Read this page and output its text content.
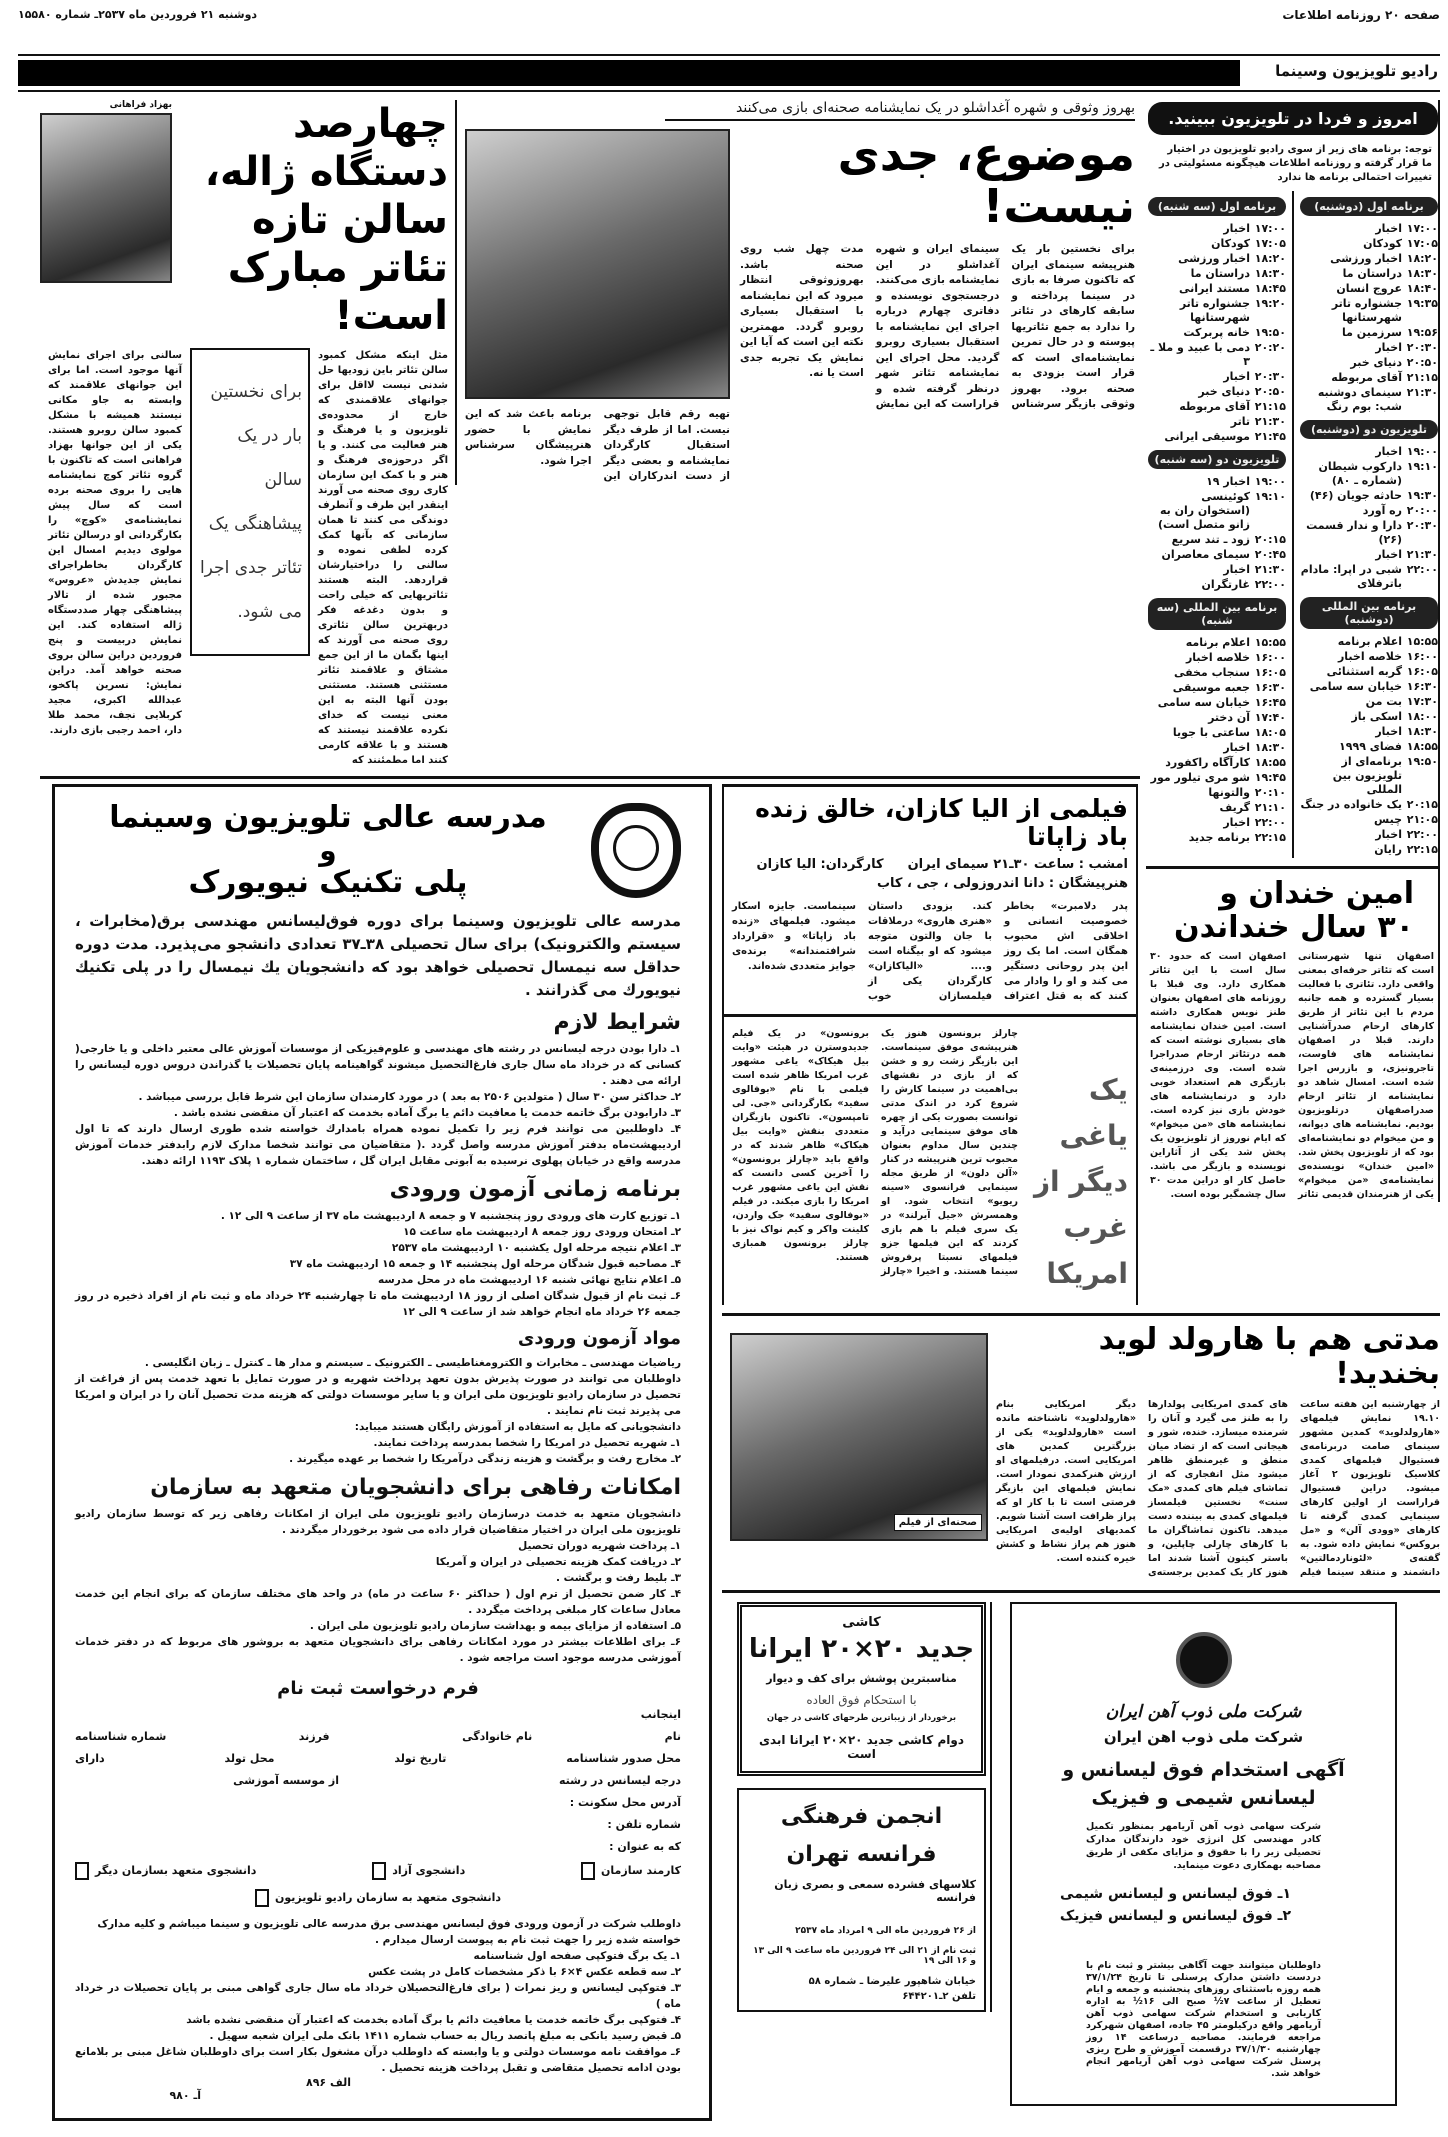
صفحه ۲۰ روزنامه اطلاعات
دوشنبه ۲۱ فروردین ماه ۲۵۳۷ـ شماره ۱۵۵۸۰
رادیو تلویزیون وسینما
امروز و فردا در تلویزیون ببینید.
توجه: برنامه های زیر از سوی رادیو تلویزیون در اختیار ما قرار گرفته و روزنامه اطلاعات هیچگونه مسئولیتی در تغییرات احتمالی برنامه ها ندارد
برنامه اول (دوشنبه)
۱۷:۰۰
اخبار
۱۷:۰۵
کودکان
۱۸:۲۰
اخبار ورزشی
۱۸:۳۰
دراستان ما
۱۸:۴۰
عروج انسان
۱۹:۳۵
جشنواره تاتر شهرستانها
۱۹:۵۶
سرزمین ما
۲۰:۳۰
اخبار
۲۰:۵۰
دنیای خبر
۲۱:۱۵
آقای مربوطه
۲۱:۳۰
سینمای دوشنبه شب: بوم رنگ
تلویزیون دو (دوشنبه)
۱۹:۰۰
اخبار
۱۹:۱۰
دارکوب شیطان (شماره ـ ۸۰)
۱۹:۳۰
حادثه جویان (۴۶)
۲۰:۰۰
ره آورد
۲۰:۳۰
دارا و ندار قسمت (۲۶)
۲۱:۳۰
اخبار
۲۲:۰۰
شبی در اپرا: مادام باترفلای
برنامه بین المللی (دوشنبه)
۱۵:۵۵
اعلام برنامه
۱۶:۰۰
خلاصه اخبار
۱۶:۰۵
گربه استثنائی
۱۶:۳۰
خیابان سه سامی
۱۷:۳۰
بت من
۱۸:۰۰
اسکی باز
۱۸:۳۰
اخبار
۱۸:۵۵
فضای ۱۹۹۹
۱۹:۵۰
برنامه‌ای از تلویزیون بین المللی
۲۰:۱۵
یک خانواده در جنگ
۲۱:۰۵
چیس
۲۲:۰۰
اخبار
۲۲:۱۵
رایان
برنامه اول (سه شنبه)
۱۷:۰۰
اخبار
۱۷:۰۵
کودکان
۱۸:۲۰
اخبار ورزشی
۱۸:۳۰
دراستان ما
۱۸:۴۵
مستند ایرانی
۱۹:۲۰
جشنواره تاتر شهرستانها
۱۹:۵۰
خانه پربرکت
۲۰:۲۰
دمی با عبید و ملا ـ ۳
۲۰:۳۰
اخبار
۲۰:۵۰
دنیای خبر
۲۱:۱۵
آقای مربوطه
۲۱:۳۰
تاتر
۲۱:۴۵
موسیقی ایرانی
تلویزیون دو (سه شنبه)
۱۹:۰۰
اخبار ۱۹
۱۹:۱۰
کوئینسی (استخوان ران به زانو متصل است)
۲۰:۱۵
زود ـ تند سریع
۲۰:۴۵
سیمای معاصران
۲۱:۳۰
اخبار
۲۲:۰۰
غارتگران
برنامه بین المللی (سه شنبه)
۱۵:۵۵
اعلام برنامه
۱۶:۰۰
خلاصه اخبار
۱۶:۰۵
سنجاب مخفی
۱۶:۳۰
جعبه موسیقی
۱۶:۴۵
خیابان سه سامی
۱۷:۴۰
آن دختر
۱۸:۰۵
ساعتی با جویا
۱۸:۳۰
اخبار
۱۸:۵۵
کارآگاه راکفورد
۱۹:۴۵
شو مری تیلور مور
۲۰:۱۰
والتونها
۲۱:۱۰
گریف
۲۲:۰۰
اخبار
۲۲:۱۵
برنامه جدید
امین خندان و
۳۰ سال خنداندن
اصفهان تنها شهرستانی است که تئاتر حرفه‌ای بمعنی واقعی دارد. تئاتری با فعالیت بسیار گسترده و همه جانبه مردم با این تئاتر از طریق کارهای ارحام صدرآشنایی دارند. قبلا در اصفهان نمایشنامه های فاوست، تاجرونیزی، و بازرس اجرا شده است. امسال شاهد دو نمایشنامه از تئاتر ارحام صدراصفهان درتلویزیون بودیم. نمایشنامه های دیوانه، و من میخوام دو نمایشنامه‌ای بود که از تلویزیون پخش شد. «امین خندان» نویسنده‌ی نمایشنامه‌ی «من میخوام» یکی از هنرمندان قدیمی تئاتر اصفهان است که حدود ۳۰ سال است با این تئاتر همکاری دارد. وی قبلا با روزنامه های اصفهان بعنوان طنز نویس همکاری داشته است. امین خندان نمایشنامه های بسیاری نوشته است که همه درتئاتر ارحام صدراجرا شده است. وی درزمینه‌ی بازیگری هم استعداد خوبی دارد و درنمایشنامه های خودش بازی نیز کرده است. نمایشنامه های «من میخوام» که ایام نوروز از تلویزیون یک پخش شد یکی از آثاراین نویسنده و بازیگر می باشد. حاصل کار او دراین مدت ۳۰ سال چشمگیر بوده است.
بهروز وثوقی و شهره آغداشلو در یک نمایشنامه صحنه‌ای بازی می‌کنند
موضوع، جدی نیست!
برای نخستین بار یک هنرپیشه سینمای ایران که تاکنون صرفا به بازی در سینما پرداخته و سابقه کارهای در تئاتر را ندارد به جمع تئاتریها پیوسته و در حال تمرین نمایشنامه‌ای است که قرار است بزودی به صحنه برود. بهروز وثوقی بازیگر سرشناس سینمای ایران و شهره آغداشلو در این نمایشنامه بازی می‌کنند. درجستجوی نویسنده و دفاتری چهارم درباره اجرای این نمایشنامه با استقبال بسیاری روبرو گردید. محل اجرای این نمایشنامه تئاتر شهر درنظر گرفته شده و قراراست که این نمایش مدت چهل شب روی صحنه باشد. بهروزوثوقی انتظار میرود که این نمایشنامه با استقبال بسیاری روبرو گردد. مهمترین نکته این است که آیا این نمایش یک تجربه جدی است یا نه.
تهیه رقم قابل توجهی نیست. اما از طرف دیگر استقبال کارگردان نمایشنامه و بعضی دیگر از دست اندرکاران این برنامه باعث شد که این نمایش با حضور هنرپیشگان سرشناس اجرا شود.
چهارصد دستگاه ژاله، سالن تازه تئاتر مبارک است!
بهزاد فراهانی
مثل اینکه مشکل کمبود سالن تئاتر باین زودیها حل شدنی نیست لااقل برای جوانهای علاقمندی که خارج از محدوده‌ی تلویزیون و یا فرهنگ و هنر فعالیت می کنند. و یا اگر درحوزه‌ی فرهنگ و هنر و با کمک این سازمان کاری روی صحنه می آورند اینقدر این طرف و آنطرف دوندگی می کنند تا همان سازمانی که بآنها کمک کرده لطفی نموده و سالنی را دراختیارشان قراردهد. البته هستند تئاتریهایی که خیلی راحت و بدون دغدغه فکر دربهترین سالن تئاتری روی صحنه می آورند که اینها بگمان ما از این جمع مشتاق و علاقمند تئاتر مستثنی هستند. مستثنی بودن آنها البته به این معنی نیست که خدای نکرده علاقمند نیستند که هستند و با علاقه کارمی کنند اما مطمئنند که
برای نخستین بار در یک سالن پیشاهنگی یک تئاتر جدی اجرا می شود.
سالنی برای اجرای نمایش آنها موجود است. اما برای این جوانهای علاقمند که وابسته به جاو مکانی نیستند همیشه با مشکل کمبود سالن روبرو هستند. یکی از این جوانها بهزاد فراهانی است که تاکنون با گروه تئاتر کوچ نمایشنامه هایی را بروی صحنه برده است که سال پیش نمایشنامه‌ی «کوچ» را بکارگردانی او درسالن تئاتر مولوی دیدیم امسال این کارگردان بخاطراجرای نمایش جدیدش «عروس» مجبور شده از تالار پیشاهنگی چهار صددستگاه ژاله استفاده کند. این نمایش دربیست و پنج فروردین دراین سالن بروی صحنه خواهد آمد. دراین نمایش: نسرین پاکخو، عبدالله اکبری، مجید کربلایی نجف، محمد طلا دار، احمد رجبی بازی دارند.
مدرسه عالی تلویزیون وسینما
و
پلی تکنیک نیویورک
مدرسه عالی تلویزیون وسینما برای دوره فوق‌لیسانس مهندسی برق(مخابرات ، سیستم والکترونیک) برای سال تحصیلی ۳۸ـ۳۷ تعدادی دانشجو می‌پذیرد. مدت دوره حداقل سه نیمسال تحصیلی خواهد بود که دانشجویان یك نیمسال را در پلی تکنیك نیویورك می گذرانند .
شرایط لازم
۱ـ دارا بودن درجه لیسانس در رشته های مهندسی و علوم‌فیزیکی از موسسات آموزش عالی معتبر داخلی و یا خارجی( کسانی که در خرداد ماه سال جاری فارغ‌التحصیل میشوند گواهینامه پایان تحصیلات یا گذراندن دروس دوره لیسانس را ارائه می دهند .
۲ـ حداکثر سن ۳۰ سال ( متولدین ۲۵۰۶ به بعد ) در مورد کارمندان سازمان این شرط قابل بررسی میباشد .
۳ـ دارابودن برگ خاتمه خدمت یا معافیت دائم یا برگ آماده بخدمت که اعتبار آن منقضی نشده باشد .
۴ـ داوطلبین می توانند فرم زیر را تکمیل نموده همراه بامدارك خواسته شده طوری ارسال دارند که تا اول اردیبهشت‌ماه بدفتر آموزش مدرسه واصل گردد .( متقاضیان می توانند شخصا مدارک لازم رابدفتر خدمات آموزش مدرسه واقع در خیابان پهلوی نرسیده به آبونی مقابل ایران گل ، ساختمان شماره ۱ پلاک ۱۱۹۳ ارائه دهند.
برنامه زمانی آزمون ورودی
۱ـ توزیع کارت های ورودی روز پنجشنبه ۷ و جمعه ۸ اردیبهشت ماه ۳۷ از ساعت ۹ الی ۱۲ .
۲ـ امتحان ورودی روز جمعه ۸ اردیبهشت ماه ساعت ۱۵
۳ـ اعلام نتیجه مرحله اول یکشنبه ۱۰ اردیبهشت ماه ۲۵۳۷
۴ـ مصاحبه قبول شدگان مرحله اول پنجشنبه ۱۴ و جمعه ۱۵ اردیبهشت ماه ۳۷
۵ـ اعلام نتایج نهائی شنبه ۱۶ اردیبهشت ماه در محل مدرسه
۶ـ ثبت نام از قبول شدگان اصلی از روز ۱۸ اردیبهشت ماه تا چهارشنبه ۲۴ خرداد ماه و ثبت نام از افراد ذخیره در روز جمعه ۲۶ خرداد ماه انجام خواهد شد از ساعت ۹ الی ۱۲
مواد آزمون ورودی
ریاضیات مهندسی ـ مخابرات و الکترومغناطیسی ـ الکترونیک ـ سیستم و مدار ها ـ کنترل ـ زبان انگلیسی .
داوطلبان می توانند در صورت پذیرش بدون تعهد پرداخت شهریه و در صورت تمایل با تعهد خدمت پس از فراغت از تحصیل در سازمان رادیو تلویزیون ملی ایران و یا سایر موسسات دولتی که هزینه مدت تحصیل آنان را در ایران و امریکا می پذیرند ثبت نام نمایند .
دانشجویانی که مایل به استفاده از آموزش رایگان هستند میباید:
۱ـ شهریه تحصیل در امریکا را شخصا بمدرسه پرداخت نمایند.
۲ـ مخارج رفت و برگشت و هزینه زندگی درآمریکا را شخصا بر عهده میگیرند .
امکانات رفاهی برای دانشجویان متعهد به سازمان
دانشجویان متعهد به خدمت درسازمان رادیو تلویزیون ملی ایران از امکانات رفاهی زیر که توسط سازمان رادیو تلویزیون ملی ایران در اختیار متقاضیان قرار داده می شود برخوردار میگردند .
۱ـ پرداخت شهریه دوران تحصیل
۲ـ دریافت کمک هزینه تحصیلی در ایران و آمریکا
۳ـ بلیط رفت و برگشت .
۴ـ کار ضمن تحصیل از ترم اول ( حداکثر ۶۰ ساعت در ماه) در واحد های مختلف سازمان که برای انجام این خدمت معادل ساعات کار مبلغی پرداخت میگردد .
۵ـ استفاده از مزایای بیمه و بهداشت سازمان رادیو تلویزیون ملی ایران .
۶ـ برای اطلاعات بیشتر در مورد امکانات رفاهی برای دانشجویان متعهد به بروشور های مربوط که در دفتر خدمات آموزشی مدرسه موجود است مراجعه شود .
فرم درخواست ثبت نام
اینجانب
نام
نام خانوادگی
فرزند
شماره شناسنامه
محل صدور شناسنامه
تاریخ تولد
محل تولد
دارای
درجه لیسانس در رشته
از موسسه آموزشی
آدرس محل سکونت :
شماره تلفن :
که به عنوان :
کارمند سازمان
دانشجوی آزاد
دانشجوی متعهد بسازمان دیگر
دانشجوی متعهد به سازمان رادیو تلویزیون
داوطلب شرکت در آزمون ورودی فوق لیسانس مهندسی برق مدرسه عالی تلویزیون و سینما میباشم و کلیه مدارک خواسته شده زیر را جهت ثبت نام به پیوست ارسال میدارم .
۱ـ یک برگ فتوکپی صفحه اول شناسنامه
۲ـ سه قطعه عکس ۴×۶ با ذکر مشخصات کامل در پشت عکس
۳ـ فتوکپی لیسانس و ریز نمرات ( برای فارغ‌التحصیلان خرداد ماه سال جاری گواهی مبنی بر پایان تحصیلات در خرداد ماه )
۴ـ فتوکپی برگ خاتمه خدمت یا معافیت دائم یا برگ آماده بخدمت که اعتبار آن منقضی نشده باشد
۵ـ قبض رسید بانکی به مبلغ پانصد ریال به حساب شماره ۱۴۱۱ بانک ملی ایران شعبه سهیل .
۶ـ موافقت نامه موسسات دولتی و یا وابسته که داوطلب درآن مشغول بکار است برای داوطلبان شاغل مبنی بر بلامانع بودن ادامه تحصیل متقاضی و تقبل پرداخت هزینه تحصیل .
الف ۸۹۶
آـ ۹۸۰
فیلمی از الیا کازان، خالق زنده باد زاپاتا
امشب : ساعت ۳۰ـ۲۱ سیمای ایران
کارگردان: الیا کازان
هنرپیشگان : دانا اندروزولی ، جی ، کاب
پدر دلامبرت» بخاطر خصوصیت انسانی و اخلاقی اش محبوب همگان است. اما یک روز این پدر روحانی دستگیر می کند و او را وادار می کنند که به قتل اعتراف کند. بزودی داستان «هنری هاروی» درملاقات با جان والتون متوجه میشود که او بیگناه است و.... «الیاکازان» کارگردان یکی از فیلمسازان خوب سینماست. جایزه اسکار میشود. فیلمهای «زنده باد زاپاتا» و «قرارداد شرافتمندانه» برنده‌ی جوایز متعددی شده‌اند.
یک یاغی دیگر از غرب امریکا
چارلز برونسون هنوز یک هنرپیشه‌ی موفق سینماست. این بازیگر زشت رو و خشن که از بازی در نقشهای بی‌اهمیت در سینما کارش را شروع کرد در اندک مدتی توانست بصورت یکی از چهره های موفق سینمایی درآید و چندین سال مداوم بعنوان محبوب ترین هنرپیشه در کنار «آلن دلون» از طریق مجله سینمایی فرانسوی «سینه ریویو» انتخاب شود. او وهمسرش «جیل آیرلند» در یک سری فیلم با هم بازی کردند که این فیلمها جزو فیلمهای نسبتا پرفروش سینما هستند. و اخیرا «چارلز برونسون» در یک فیلم جدیدوسترن در هیئت «وایت بیل هیکاک» یاغی مشهور غرب امریکا ظاهر شده است فیلمی با نام «بوفالوی سفید» بکارگردانی «جی. لی تامپسون». تاکنون بازیگران متعددی بنقش «وایت بیل هیکاک» ظاهر شدند که در واقع باید «چارلز برونسون» را آخرین کسی دانست که نقش این یاغی مشهور غرب امریکا را بازی میکند. در فیلم «بوفالوی سفید» جک واردن، کلینت واکر و کیم نواک نیز با چارلز برونسون همبازی هستند.
مدتی هم با هارولد لوید بخندید!
از چهارشنبه این هفته ساعت ۱۹.۱۰ نمایش فیلمهای «هارولدلوید» کمدین مشهور سینمای صامت دربرنامه‌ی فستیوال فیلمهای کمدی کلاسیک تلویزیون ۲ آغاز میشود. دراین فستیوال قراراست از اولین کارهای سینمایی کمدی گرفته تا کارهای «وودی آلن» و «مل بروکس» نمایش داده شود. به گفته‌ی «لئوناردمالتین» دانشمند و منتقد سینما فیلم های کمدی امریکایی پولدارها را به طنز می گیرد و آنان را شرمنده میسازد. خنده، شور و هیجانی است که از تضاد میان منطق و غیرمنطق ظاهر میشود مثل انفجاری که از تماشای فیلم های کمدی «مک سنت» نخستین فیلمساز فیلمهای کمدی به بیننده دست میدهد. تاکنون تماشاگران ما با کارهای چارلی چاپلین، و باستر کیتون آشنا شدند اما هنوز کار یک کمدین برجسته‌ی دیگر امریکایی بنام «هارولدلوید» ناشناخته مانده است «هارولدلوید» یکی از بزرگترین کمدین های امریکایی است. درفیلمهای او ارزش هنرکمدی نمودار است. نمایش فیلمهای این بازیگر فرصتی است تا با کار او که پراز ظرافت است آشنا شویم. کمدیهای اولیه‌ی امریکایی هنوز هم پراز نشاط و کشش خیره کننده است.
صحنه‌ای از فیلم
شرکت ملی ذوب آهن ایران
شرکت ملی ذوب اهن ایران
آگهی استخدام فوق لیسانس و لیسانس شیمی و فیزیک
شرکت سهامی ذوب آهن آریامهر بمنظور تکمیل کادر مهندسی کل انرژی خود دارندگان مدارک تحصیلی زیر را با حقوق و مزایای مکفی از طریق مصاحبه بهمکاری دعوت مینماید.
۱ـ فوق لیسانس و لیسانس شیمی
۲ـ فوق لیسانس و لیسانس فیزیک
داوطلبان میتوانند جهت آگاهی بیشتر و ثبت نام با دردست داشتن مدارک پرسنلی تا تاریخ ۳۷/۱/۲۴ همه روزه باستثنای روزهای پنجشنبه و جمعه و ایام تعطیل از ساعت ۷½ صبح الی ۱۶½ به اداره کاریابی و استخدام شرکت سهامی ذوب آهن آریامهر واقع درکیلومتر ۴۵ جاده، اصفهان شهرکرد مراجعه فرمایند. مصاحبه درساعت ۱۴ روز چهارشنبه ۳۷/۱/۳۰ درقسمت آموزش و طرح ریزی پرسنل شرکت سهامی ذوب آهن آریامهر انجام خواهد شد.
کاشی
جدید ۲۰×۲۰ ایرانا
مناسبترین پوشش برای کف و دیوار
با استحکام فوق العاده
برخوردار از زیباترین طرحهای کاشی در جهان
دوام کاشی جدید ۲۰×۲۰ ایرانا ابدی است
انجمن فرهنگی فرانسه تهران
کلاسهای فشرده سمعی و بصری زبان فرانسه
از ۲۶ فروردین ماه الی ۹ امرداد ماه ۲۵۳۷
ثبت نام از ۲۱ الی ۲۴ فروردین ماه ساعت ۹ الی ۱۳ و ۱۶ الی ۱۹
خیابان شاهپور علیرضا ـ شماره ۵۸
تلفن ۲ـ۶۴۴۲۰۱
